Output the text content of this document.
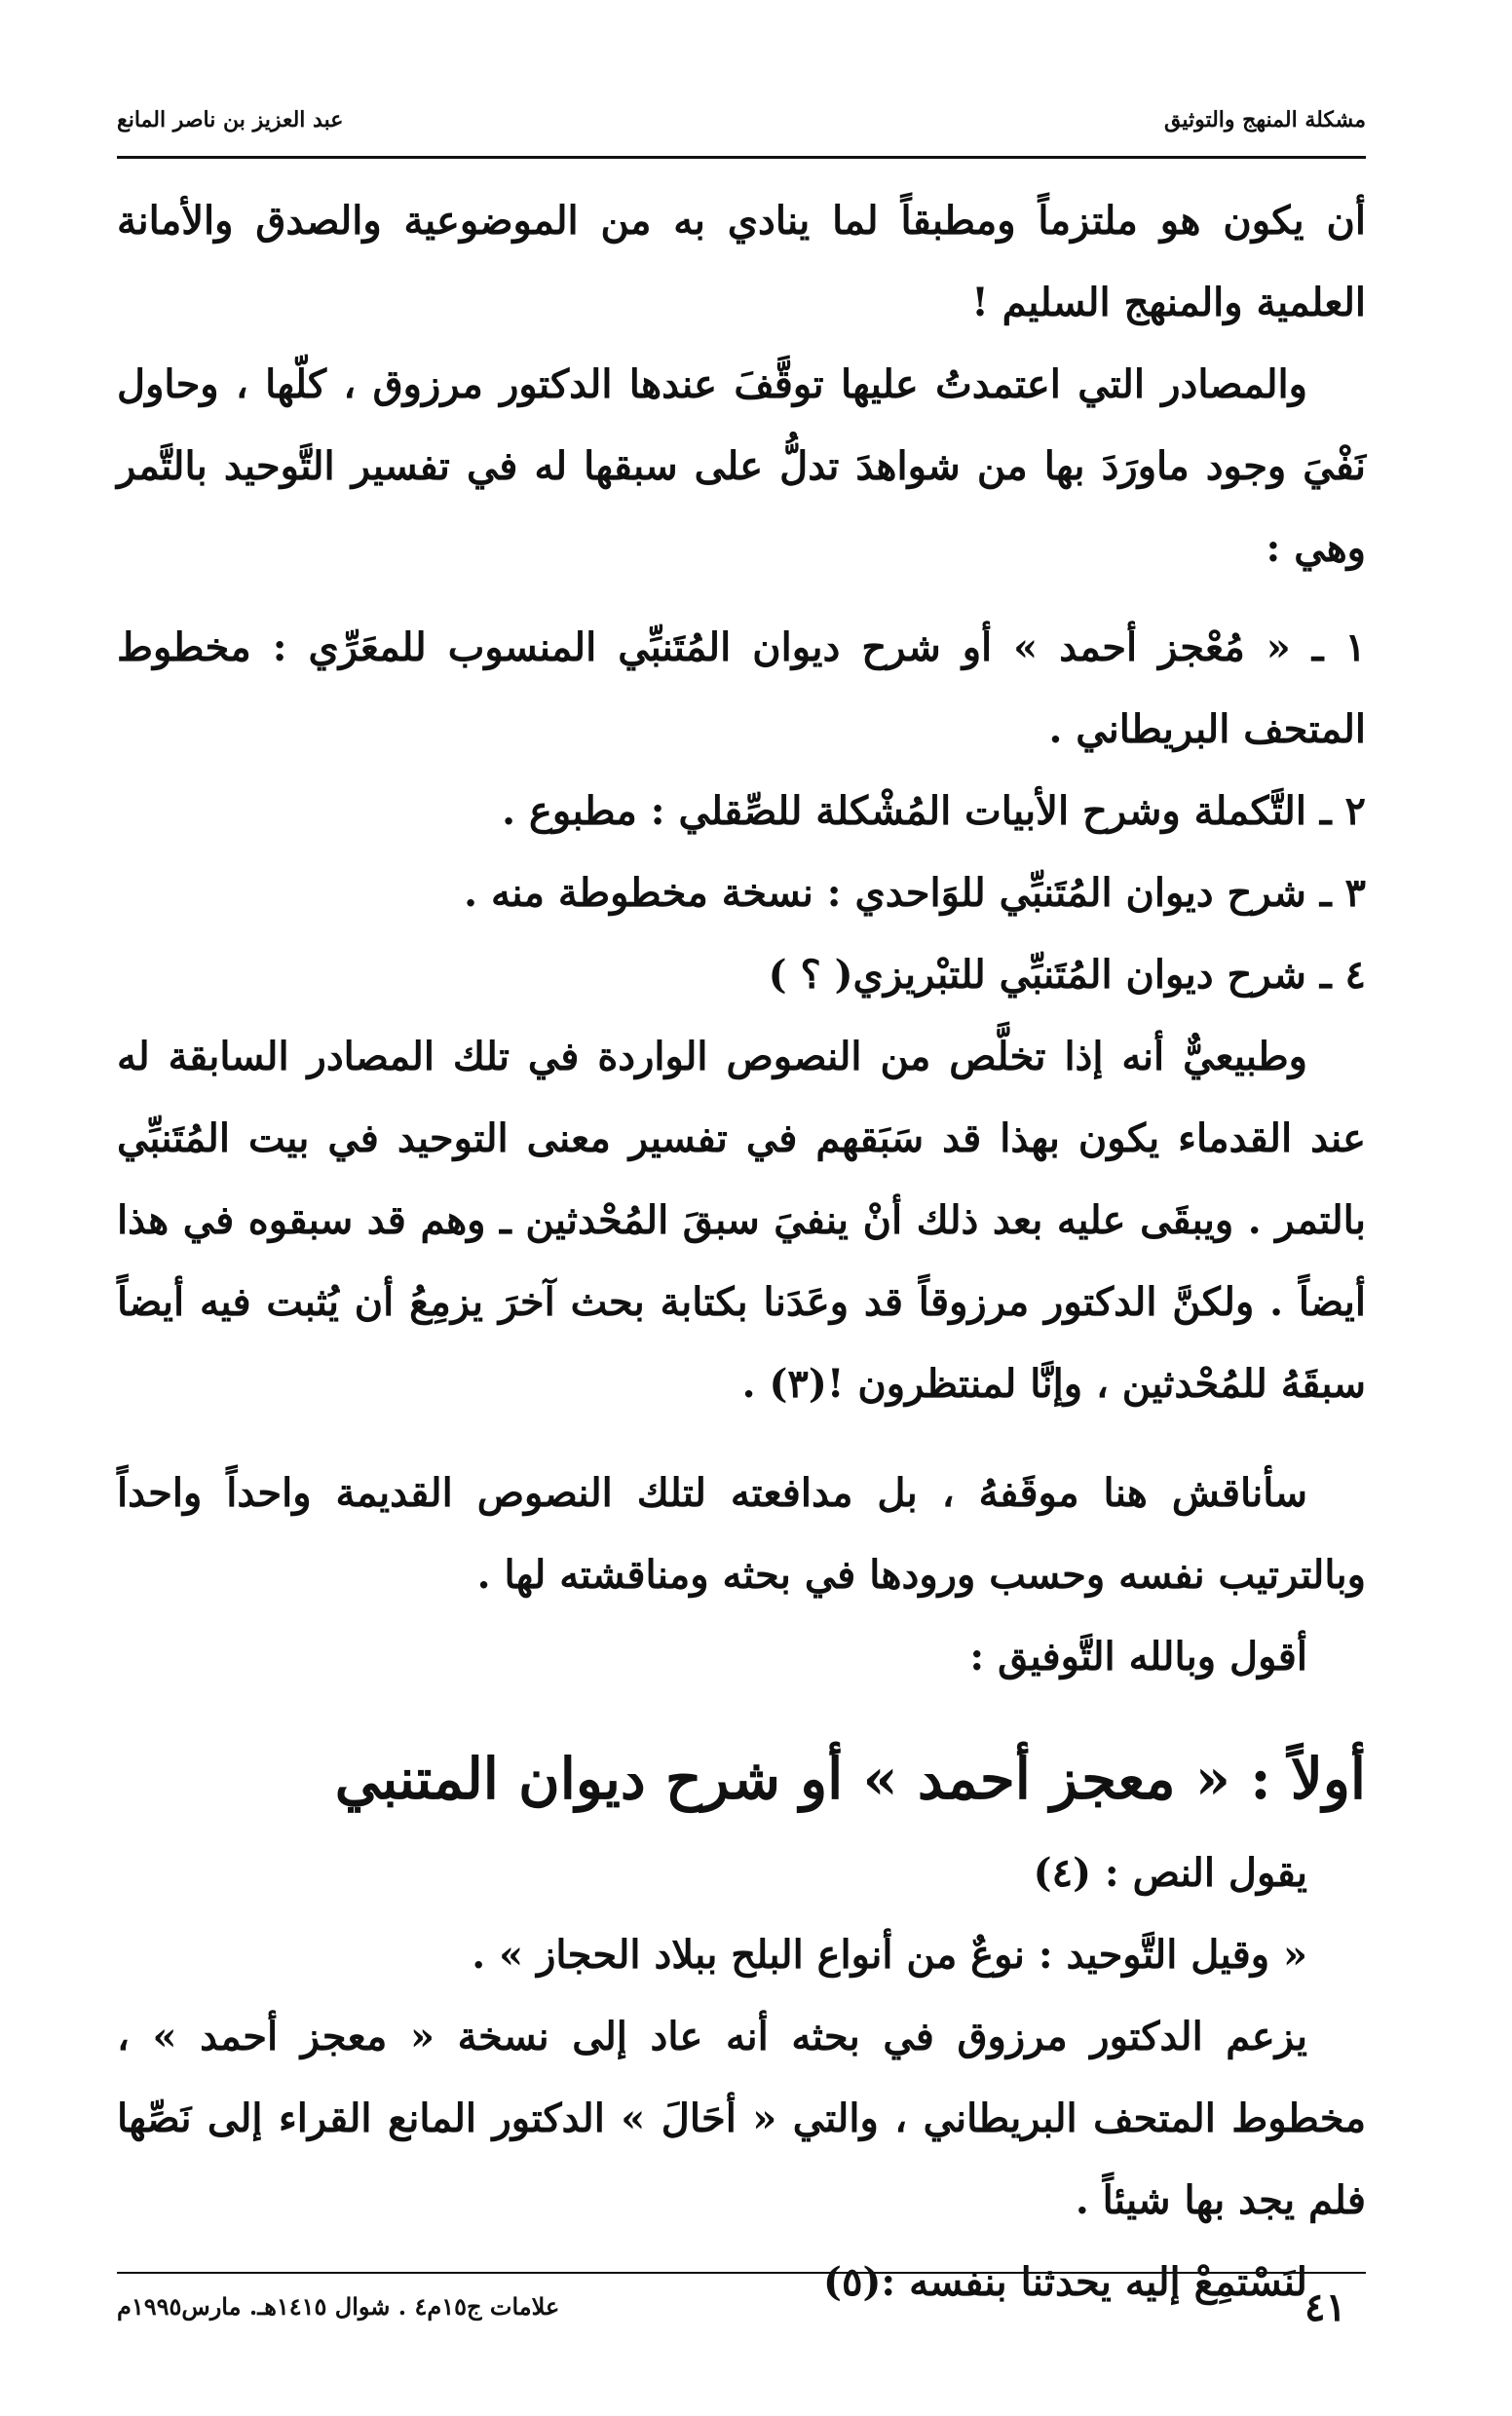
مشكلة المنهج والتوثيق
عبد العزيز بن ناصر المانع

أن يكون هو ملتزماً ومطبقاً لما ينادي به من الموضوعية والصدق والأمانة العلمية والمنهج السليم !

والمصادر التي اعتمدتُ عليها توقَّفَ عندها الدكتور مرزوق ، كلّها ، وحاول نَفْيَ وجود ماورَدَ بها من شواهدَ تدلُّ على سبقها له في تفسير التَّوحيد بالتَّمر وهي :

١ ـ « مُعْجز أحمد » أو شرح ديوان المُتَنبِّي المنسوب للمعَرِّي : مخطوط المتحف البريطاني .

٢ ـ التَّكملة وشرح الأبيات المُشْكلة للصِّقلي : مطبوع .

٣ ـ شرح ديوان المُتَنبِّي للوَاحدي : نسخة مخطوطة منه .

٤ ـ شرح ديوان المُتَنبِّي للتبْريزي( ؟ )

وطبيعيٌّ أنه إذا تخلَّص من النصوص الواردة في تلك المصادر السابقة له عند القدماء يكون بهذا قد سَبَقهم في تفسير معنى التوحيد في بيت المُتَنبِّي بالتمر . ويبقَى عليه بعد ذلك أنْ ينفيَ سبقَ المُحْدثين ـ وهم قد سبقوه في هذا أيضاً . ولكنَّ الدكتور مرزوقاً قد وعَدَنا بكتابة بحث آخرَ يزمِعُ أن يُثبت فيه أيضاً سبقَهُ للمُحْدثين ، وإنَّا لمنتظرون !(٣) .

سأناقش هنا موقَفهُ ، بل مدافعته لتلك النصوص القديمة واحداً واحداً وبالترتيب نفسه وحسب ورودها في بحثه ومناقشته لها .

أقول وبالله التَّوفيق :

أولاً : « معجز أحمد » أو شرح ديوان المتنبي

يقول النص : (٤)

« وقيل التَّوحيد : نوعٌ من أنواع البلح ببلاد الحجاز » .

يزعم الدكتور مرزوق في بحثه أنه عاد إلى نسخة « معجز أحمد » ، مخطوط المتحف البريطاني ، والتي « أحَالَ » الدكتور المانع القراء إلى نَصِّها فلم يجد بها شيئاً .

لنَسْتمِعْ إليه يحدثنا بنفسه :(٥)

٤١
علامات ج١٥م٤ . شوال ١٤١٥هـ. مارس١٩٩٥م
